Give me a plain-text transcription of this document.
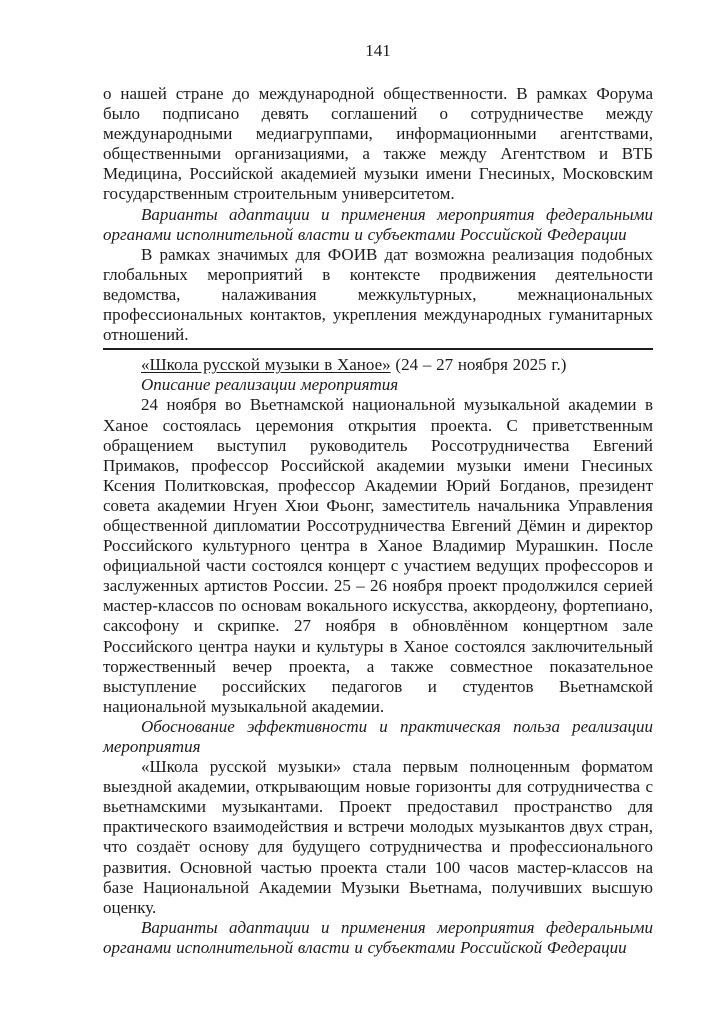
141

о нашей стране до международной общественности. В рамках Форума было подписано девять соглашений о сотрудничестве между международными медиагруппами, информационными агентствами, общественными организациями, а также между Агентством и ВТБ Медицина, Российской академией музыки имени Гнесиных, Московским государственным строительным университетом.

Варианты адаптации и применения мероприятия федеральными органами исполнительной власти и субъектами Российской Федерации

В рамках значимых для ФОИВ дат возможна реализация подобных глобальных мероприятий в контексте продвижения деятельности ведомства, налаживания межкультурных, межнациональных профессиональных контактов, укрепления международных гуманитарных отношений.

«Школа русской музыки в Ханое» (24 – 27 ноября 2025 г.)

Описание реализации мероприятия

24 ноября во Вьетнамской национальной музыкальной академии в Ханое состоялась церемония открытия проекта. С приветственным обращением выступил руководитель Россотрудничества Евгений Примаков, профессор Российской академии музыки имени Гнесиных Ксения Политковская, профессор Академии Юрий Богданов, президент совета академии Нгуен Хюи Фьонг, заместитель начальника Управления общественной дипломатии Россотрудничества Евгений Дёмин и директор Российского культурного центра в Ханое Владимир Мурашкин. После официальной части состоялся концерт с участием ведущих профессоров и заслуженных артистов России. 25 – 26 ноября проект продолжился серией мастер-классов по основам вокального искусства, аккордеону, фортепиано, саксофону и скрипке. 27 ноября в обновлённом концертном зале Российского центра науки и культуры в Ханое состоялся заключительный торжественный вечер проекта, а также совместное показательное выступление российских педагогов и студентов Вьетнамской национальной музыкальной академии.

Обоснование эффективности и практическая польза реализации мероприятия

«Школа русской музыки» стала первым полноценным форматом выездной академии, открывающим новые горизонты для сотрудничества с вьетнамскими музыкантами. Проект предоставил пространство для практического взаимодействия и встречи молодых музыкантов двух стран, что создаёт основу для будущего сотрудничества и профессионального развития. Основной частью проекта стали 100 часов мастер-классов на базе Национальной Академии Музыки Вьетнама, получивших высшую оценку.

Варианты адаптации и применения мероприятия федеральными органами исполнительной власти и субъектами Российской Федерации
